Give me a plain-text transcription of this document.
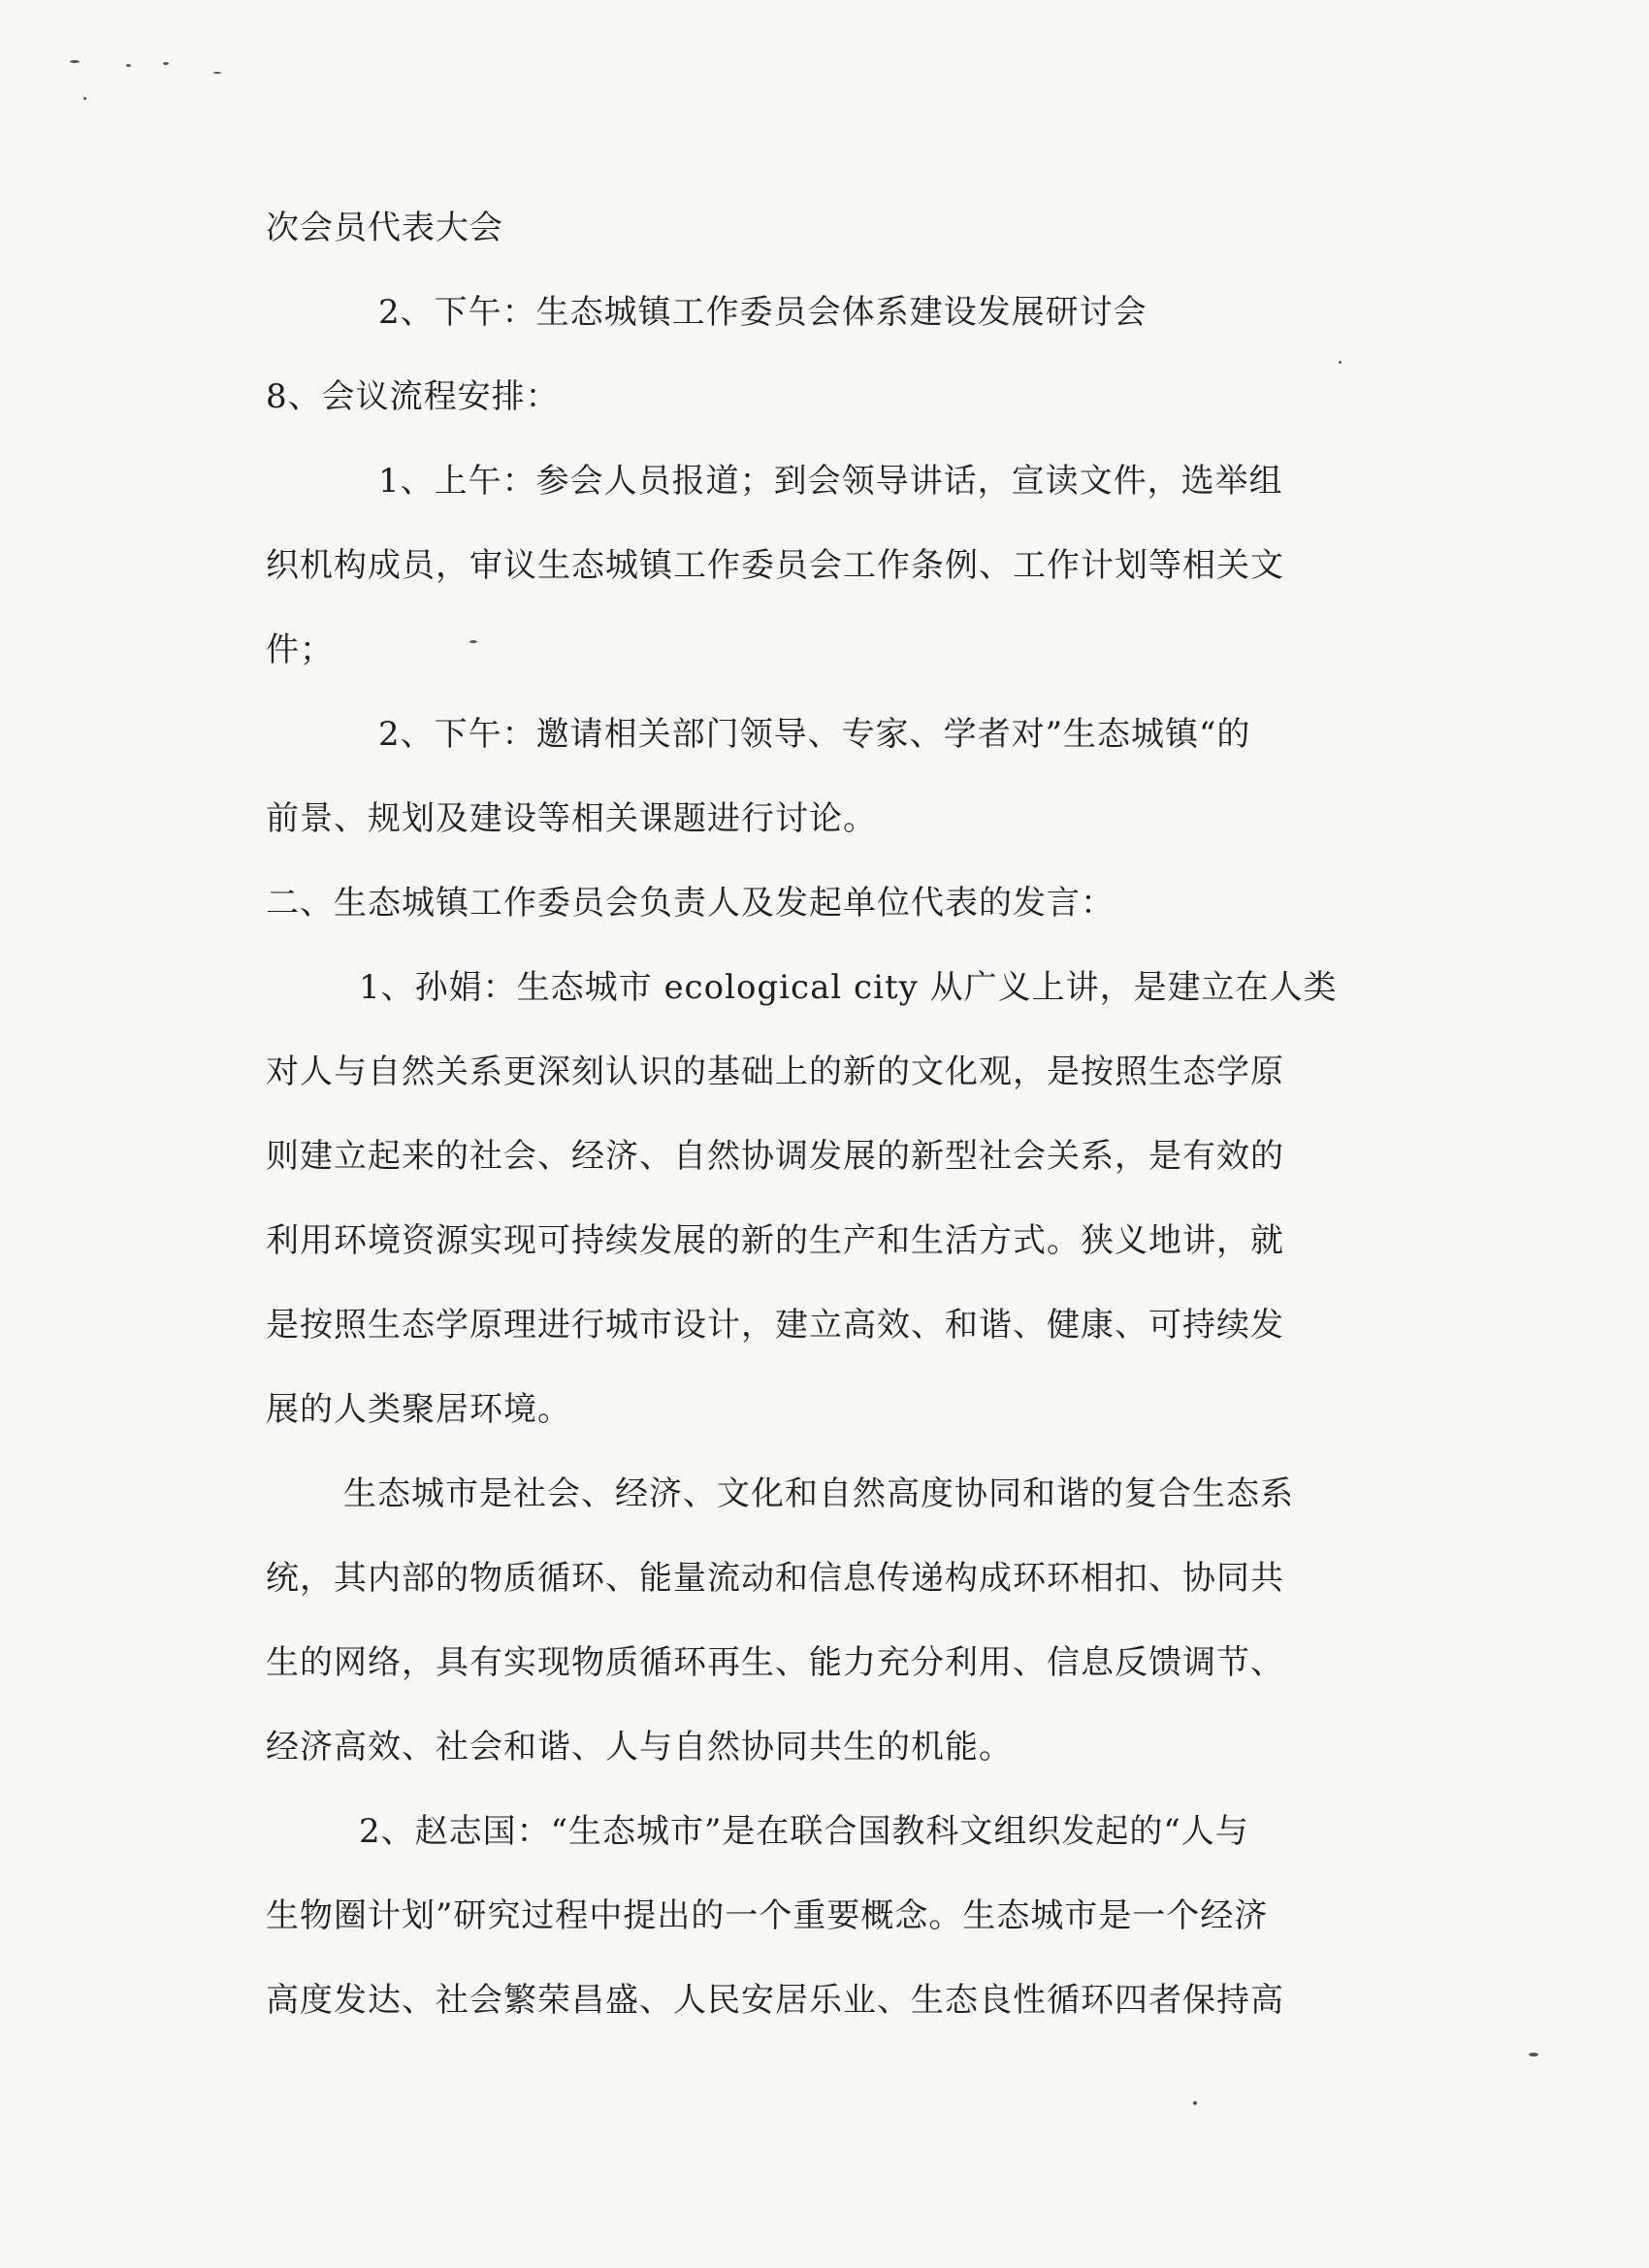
次会员代表大会
2、下午：生态城镇工作委员会体系建设发展研讨会
8、会议流程安排：
1、上午：参会人员报道；到会领导讲话，宣读文件，选举组
织机构成员，审议生态城镇工作委员会工作条例、工作计划等相关文
件；
2、下午：邀请相关部门领导、专家、学者对”生态城镇“的
前景、规划及建设等相关课题进行讨论。
二、生态城镇工作委员会负责人及发起单位代表的发言：
1、孙娟：生态城市 ecological city 从广义上讲，是建立在人类
对人与自然关系更深刻认识的基础上的新的文化观，是按照生态学原
则建立起来的社会、经济、自然协调发展的新型社会关系，是有效的
利用环境资源实现可持续发展的新的生产和生活方式。狭义地讲，就
是按照生态学原理进行城市设计，建立高效、和谐、健康、可持续发
展的人类聚居环境。
生态城市是社会、经济、文化和自然高度协同和谐的复合生态系
统，其内部的物质循环、能量流动和信息传递构成环环相扣、协同共
生的网络，具有实现物质循环再生、能力充分利用、信息反馈调节、
经济高效、社会和谐、人与自然协同共生的机能。
2、赵志国：“生态城市”是在联合国教科文组织发起的“人与
生物圈计划”研究过程中提出的一个重要概念。生态城市是一个经济
高度发达、社会繁荣昌盛、人民安居乐业、生态良性循环四者保持高
